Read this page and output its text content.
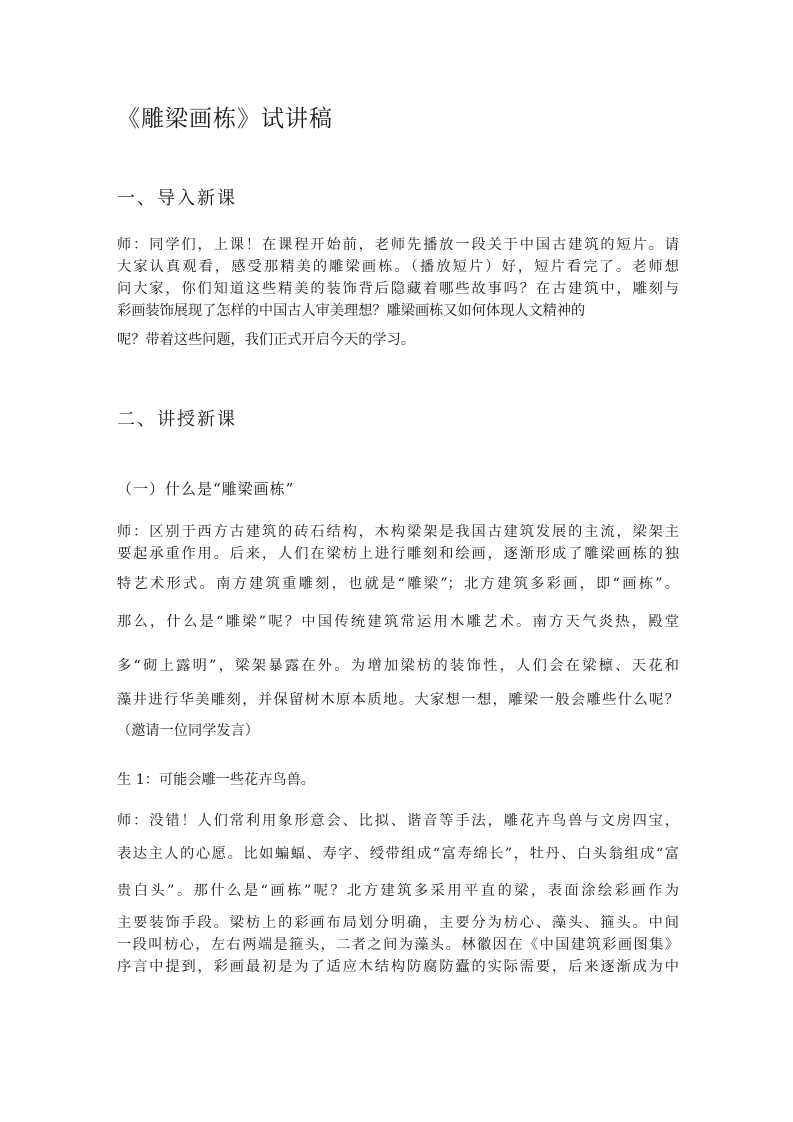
《雕梁画栋》试讲稿
一、导入新课
师：同学们，上课！在课程开始前，老师先播放一段关于中国古建筑的短片。请
大家认真观看，感受那精美的雕梁画栋。（播放短片）好，短片看完了。老师想
问大家，你们知道这些精美的装饰背后隐藏着哪些故事吗？在古建筑中，雕刻与
彩画装饰展现了怎样的中国古人审美理想？雕梁画栋又如何体现人文精神的
呢？带着这些问题，我们正式开启今天的学习。
二、讲授新课
（一）什么是“雕梁画栋”
师：区别于西方古建筑的砖石结构，木构梁架是我国古建筑发展的主流，梁架主
要起承重作用。后来，人们在梁枋上进行雕刻和绘画，逐渐形成了雕梁画栋的独
特艺术形式。南方建筑重雕刻，也就是“雕梁”；北方建筑多彩画，即“画栋”。
那么，什么是“雕梁”呢？中国传统建筑常运用木雕艺术。南方天气炎热，殿堂
多“砌上露明”，梁架暴露在外。为增加梁枋的装饰性，人们会在梁檩、天花和
藻井进行华美雕刻，并保留树木原本质地。大家想一想，雕梁一般会雕些什么呢？
（邀请一位同学发言）
生 1：可能会雕一些花卉鸟兽。
师：没错！人们常利用象形意会、比拟、谐音等手法，雕花卉鸟兽与文房四宝，
表达主人的心愿。比如蝙蝠、寿字、绶带组成“富寿绵长”，牡丹、白头翁组成“富
贵白头”。那什么是“画栋”呢？北方建筑多采用平直的梁，表面涂绘彩画作为
主要装饰手段。梁枋上的彩画布局划分明确，主要分为枋心、藻头、箍头。中间
一段叫枋心，左右两端是箍头，二者之间为藻头。林徽因在《中国建筑彩画图集》
序言中提到，彩画最初是为了适应木结构防腐防蠹的实际需要，后来逐渐成为中
